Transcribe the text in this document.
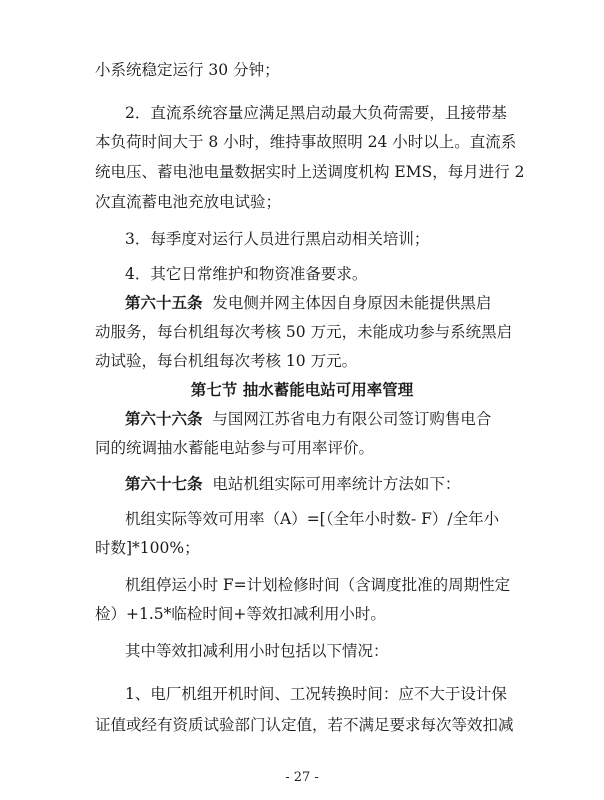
小系统稳定运行 30 分钟；
2．直流系统容量应满足黑启动最大负荷需要，且接带基
本负荷时间大于 8 小时，维持事故照明 24 小时以上。直流系
统电压、蓄电池电量数据实时上送调度机构 EMS，每月进行 2
次直流蓄电池充放电试验；
3．每季度对运行人员进行黑启动相关培训；
4．其它日常维护和物资准备要求。
第六十五条 发电侧并网主体因自身原因未能提供黑启
动服务，每台机组每次考核 50 万元，未能成功参与系统黑启
动试验，每台机组每次考核 10 万元。
第七节 抽水蓄能电站可用率管理
第六十六条 与国网江苏省电力有限公司签订购售电合
同的统调抽水蓄能电站参与可用率评价。
第六十七条 电站机组实际可用率统计方法如下：
机组实际等效可用率（A）=[（全年小时数- F）/全年小
时数]*100%；
机组停运小时 F=计划检修时间（含调度批准的周期性定
检）+1.5*临检时间+等效扣减利用小时。
其中等效扣减利用小时包括以下情况：
1、电厂机组开机时间、工况转换时间：应不大于设计保
证值或经有资质试验部门认定值，若不满足要求每次等效扣减
- 27 -
